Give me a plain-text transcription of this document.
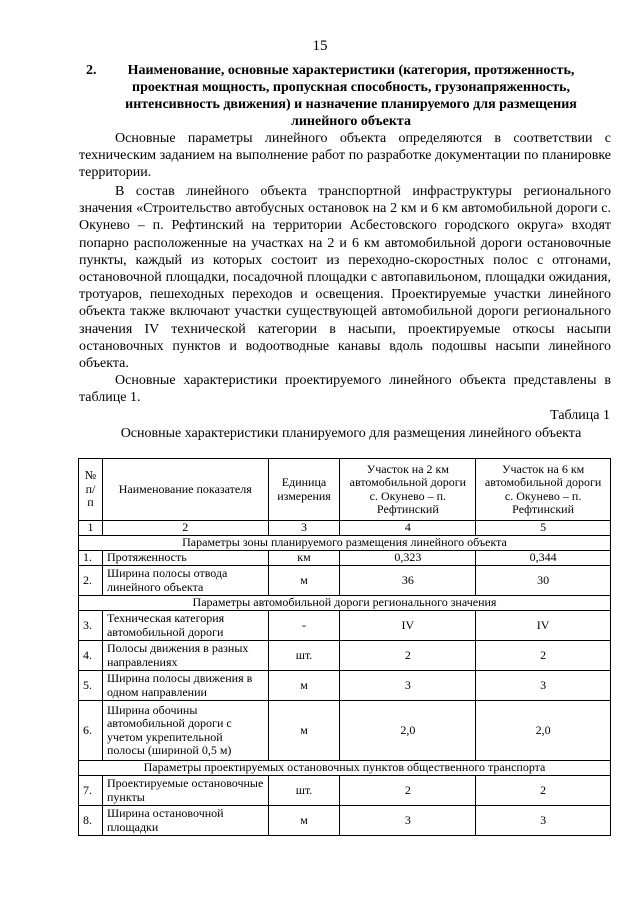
15
2. Наименование, основные характеристики (категория, протяженность, проектная мощность, пропускная способность, грузонапряженность, интенсивность движения) и назначение планируемого для размещения линейного объекта
Основные параметры линейного объекта определяются в соответствии с техническим заданием на выполнение работ по разработке документации по планировке территории.
В состав линейного объекта транспортной инфраструктуры регионального значения «Строительство автобусных остановок на 2 км и 6 км автомобильной дороги с. Окунево – п. Рефтинский на территории Асбестовского городского округа» входят попарно расположенные на участках на 2 и 6 км автомобильной дороги остановочные пункты, каждый из которых состоит из переходно-скоростных полос с отгонами, остановочной площадки, посадочной площадки с автопавильоном, площадки ожидания, тротуаров, пешеходных переходов и освещения. Проектируемые участки линейного объекта также включают участки существующей автомобильной дороги регионального значения IV технической категории в насыпи, проектируемые откосы насыпи остановочных пунктов и водоотводные канавы вдоль подошвы насыпи линейного объекта.
Основные характеристики проектируемого линейного объекта представлены в таблице 1.
Таблица 1
Основные характеристики планируемого для размещения линейного объекта
№ п/п	Наименование показателя	Единица измерения	Участок на 2 км автомобильной дороги с. Окунево – п. Рефтинский	Участок на 6 км автомобильной дороги с. Окунево – п. Рефтинский
1	2	3	4	5
Параметры зоны планируемого размещения линейного объекта				
1.	Протяженность	км	0,323	0,344
2.	Ширина полосы отвода линейного объекта	м	36	30
Параметры автомобильной дороги регионального значения				
3.	Техническая категория автомобильной дороги	-	IV	IV
4.	Полосы движения в разных направлениях	шт.	2	2
5.	Ширина полосы движения в одном направлении	м	3	3
6.	Ширина обочины автомобильной дороги с учетом укрепительной полосы (шириной 0,5 м)	м	2,0	2,0
Параметры проектируемых остановочных пунктов общественного транспорта				
7.	Проектируемые остановочные пункты	шт.	2	2
8.	Ширина остановочной площадки	м	3	3
